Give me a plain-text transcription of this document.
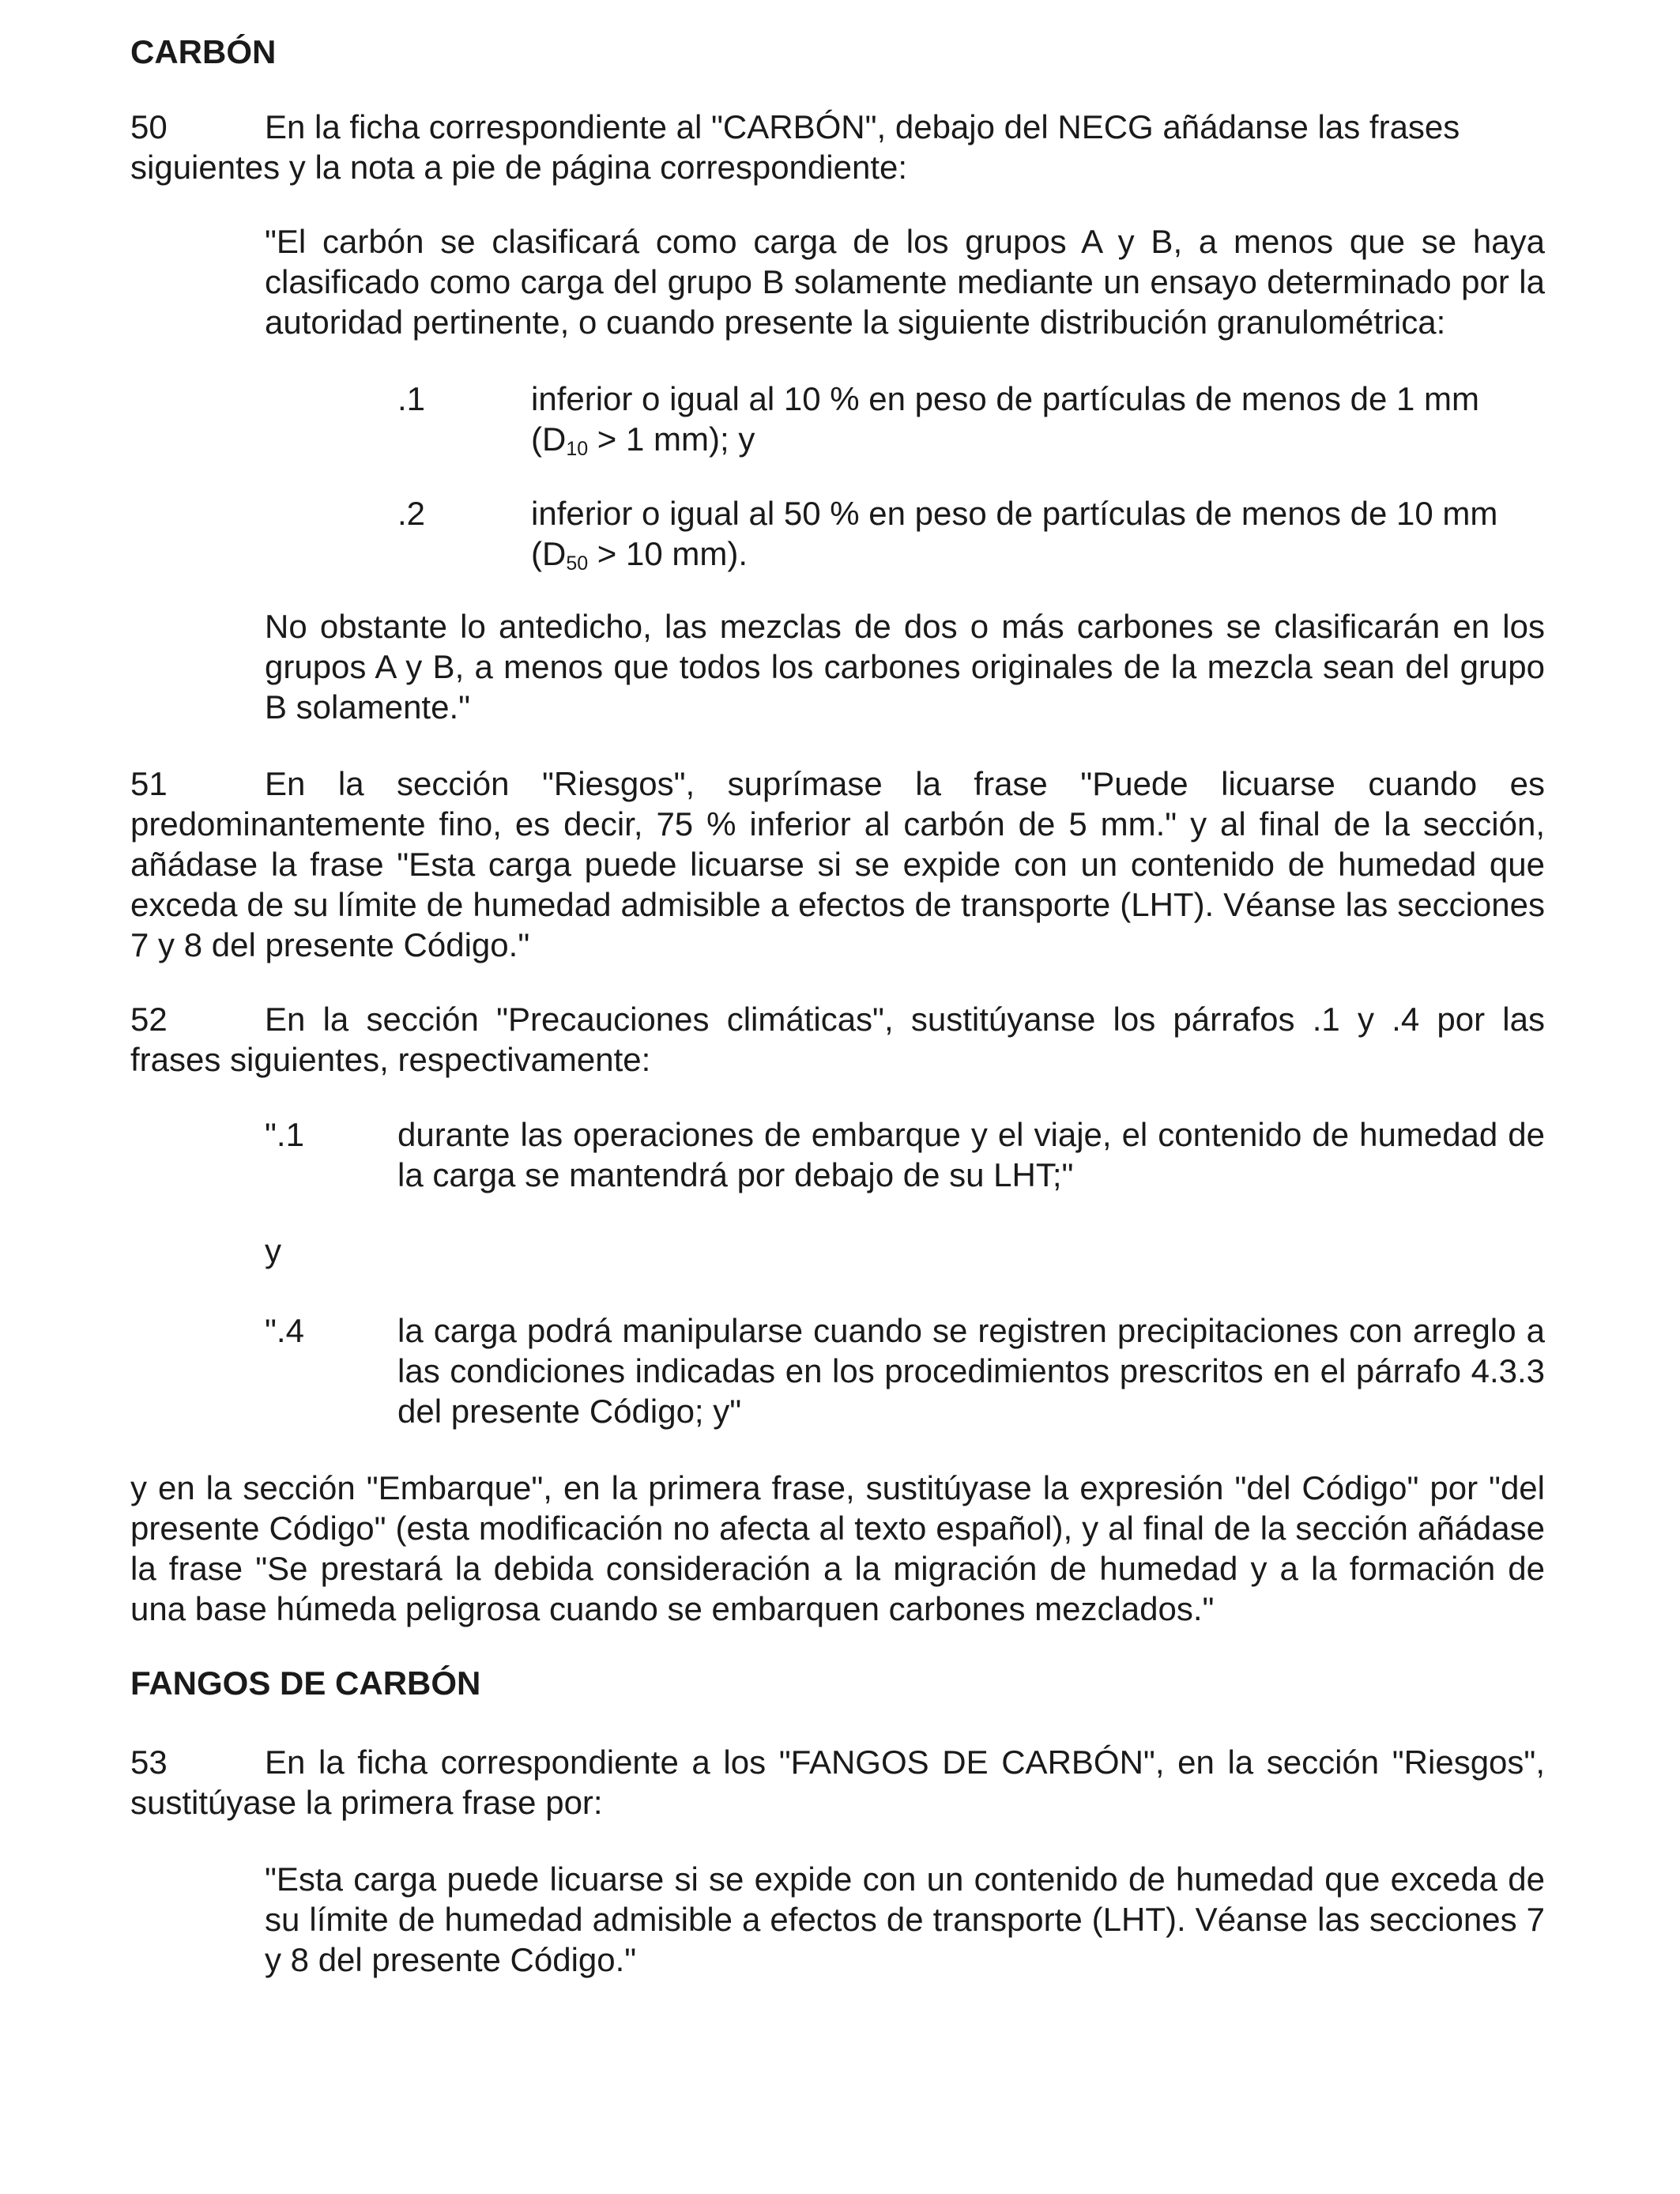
CARBÓN
50	En la ficha correspondiente al "CARBÓN", debajo del NECG añádanse las frases
siguientes y la nota a pie de página correspondiente:
"El carbón se clasificará como carga de los grupos A y B, a menos que se haya clasificado como carga del grupo B solamente mediante un ensayo determinado por la autoridad pertinente, o cuando presente la siguiente distribución granulométrica:
.1	inferior o igual al 10 % en peso de partículas de menos de 1 mm
($D_{10} > 1$ mm); y
.2	inferior o igual al 50 % en peso de partículas de menos de 10 mm
($D_{50} > 10$ mm).
No obstante lo antedicho, las mezclas de dos o más carbones se clasificarán en los grupos A y B, a menos que todos los carbones originales de la mezcla sean del grupo B solamente."
51	En la sección "Riesgos", suprímase la frase "Puede licuarse cuando es
predominantemente fino, es decir, 75 % inferior al carbón de 5 mm." y al final de la sección, añádase la frase "Esta carga puede licuarse si se expide con un contenido de humedad que exceda de su límite de humedad admisible a efectos de transporte (LHT). Véanse las secciones 7 y 8 del presente Código."
52	En la sección "Precauciones climáticas", sustitúyanse los párrafos .1 y .4 por las
frases siguientes, respectivamente:
".1	durante las operaciones de embarque y el viaje, el contenido de humedad de la carga se mantendrá por debajo de su LHT;"
y
".4	la carga podrá manipularse cuando se registren precipitaciones con arreglo a las condiciones indicadas en los procedimientos prescritos en el párrafo 4.3.3 del presente Código; y"
y en la sección "Embarque", en la primera frase, sustitúyase la expresión "del Código" por "del presente Código" (esta modificación no afecta al texto español), y al final de la sección añádase la frase "Se prestará la debida consideración a la migración de humedad y a la formación de una base húmeda peligrosa cuando se embarquen carbones mezclados."
FANGOS DE CARBÓN
53	En la ficha correspondiente a los "FANGOS DE CARBÓN", en la sección "Riesgos",
sustitúyase la primera frase por:
"Esta carga puede licuarse si se expide con un contenido de humedad que exceda de su límite de humedad admisible a efectos de transporte (LHT). Véanse las secciones 7 y 8 del presente Código."
